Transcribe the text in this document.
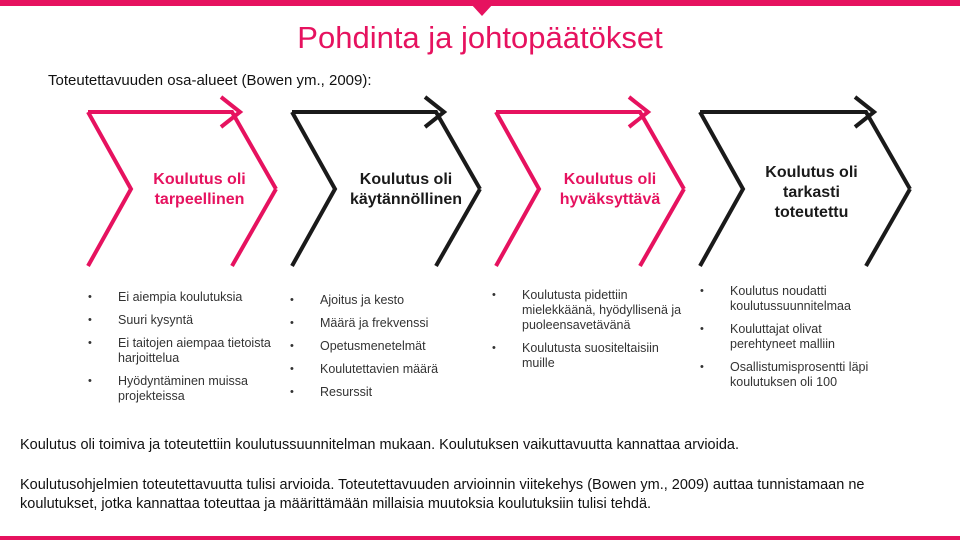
Pohdinta ja johtopäätökset
Toteutettavuuden osa-alueet (Bowen ym., 2009):
Koulutus oli tarpeellinen
Koulutus oli käytännöllinen
Koulutus oli hyväksyttävä
Koulutus oli tarkasti toteutettu
• Ei aiempia koulutuksia
• Suuri kysyntä
• Ei taitojen aiempaa tietoista harjoittelua
• Hyödyntäminen muissa projekteissa
• Ajoitus ja kesto
• Määrä ja frekvenssi
• Opetusmenetelmät
• Koulutettavien määrä
• Resurssit
• Koulutusta pidettiin mielekkäänä, hyödyllisenä ja puoleensavetävänä
• Koulutusta suositeltaisiin muille
• Koulutus noudatti koulutussuunnitelmaa
• Kouluttajat olivat perehtyneet malliin
• Osallistumisprosentti läpi koulutuksen oli 100
Koulutus oli toimiva ja toteutettiin koulutussuunnitelman mukaan. Koulutuksen vaikuttavuutta kannattaa arvioida.
Koulutusohjelmien toteutettavuutta tulisi arvioida. Toteutettavuuden arvioinnin viitekehys (Bowen ym., 2009) auttaa tunnistamaan ne koulutukset, jotka kannattaa toteuttaa ja määrittämään millaisia muutoksia koulutuksiin tulisi tehdä.
